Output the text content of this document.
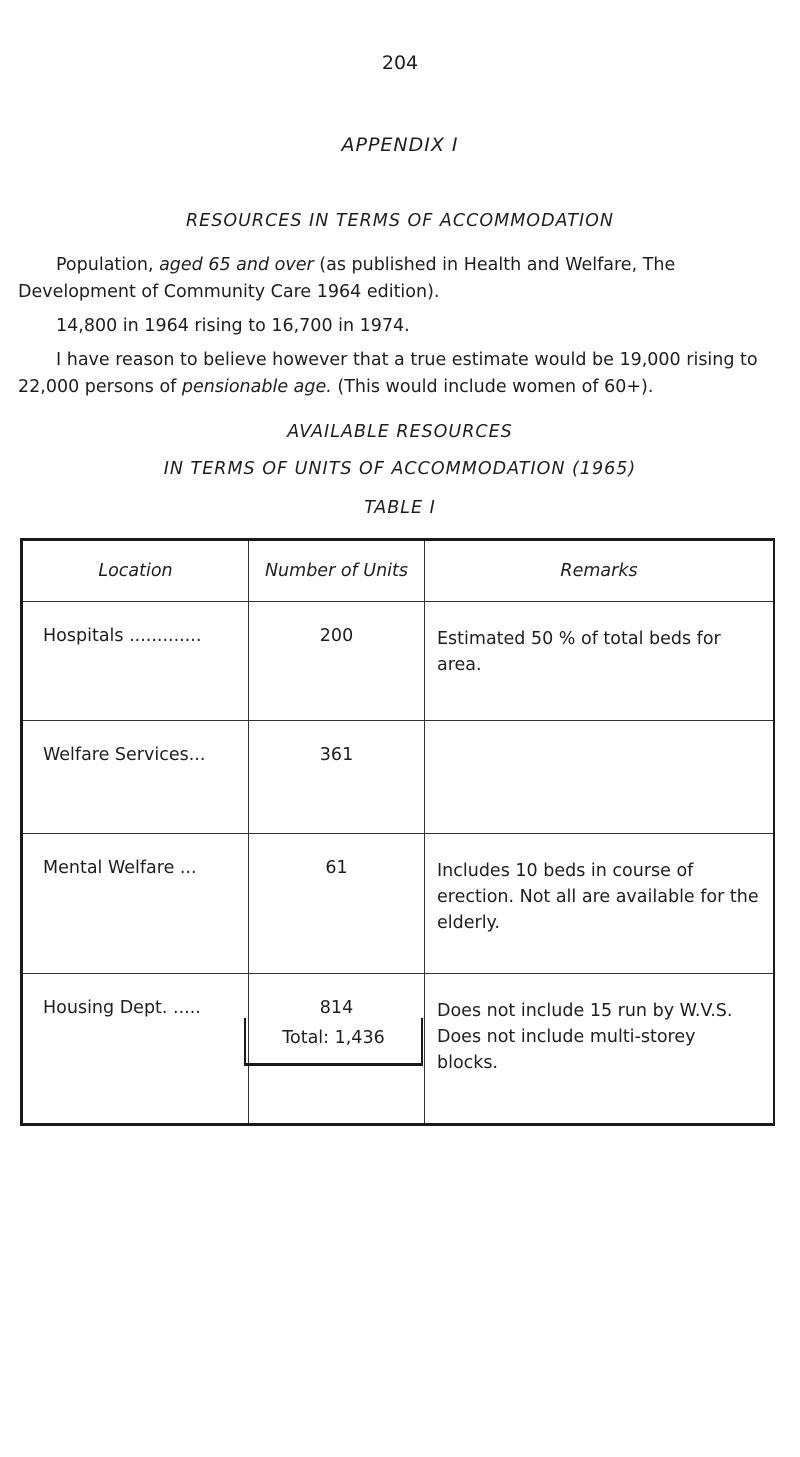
204
APPENDIX I
RESOURCES IN TERMS OF ACCOMMODATION
Population, aged 65 and over (as published in Health and Welfare, The Development of Community Care 1964 edition).
14,800 in 1964 rising to 16,700 in 1974.
I have reason to believe however that a true estimate would be 19,000 rising to 22,000 persons of pensionable age. (This would include women of 60+).
AVAILABLE RESOURCES
IN TERMS OF UNITS OF ACCOMMODATION (1965)
TABLE I
Location	Number of Units	Remarks
Hospitals .............	200	Estimated 50 % of total beds for area.
Welfare Services...	361	
Mental Welfare ...	61	Includes 10 beds in course of erection. Not all are available for the elderly.
Housing Dept. .....	814	Does not include 15 run by W.V.S. Does not include multi-storey blocks.
Total: 1,436
